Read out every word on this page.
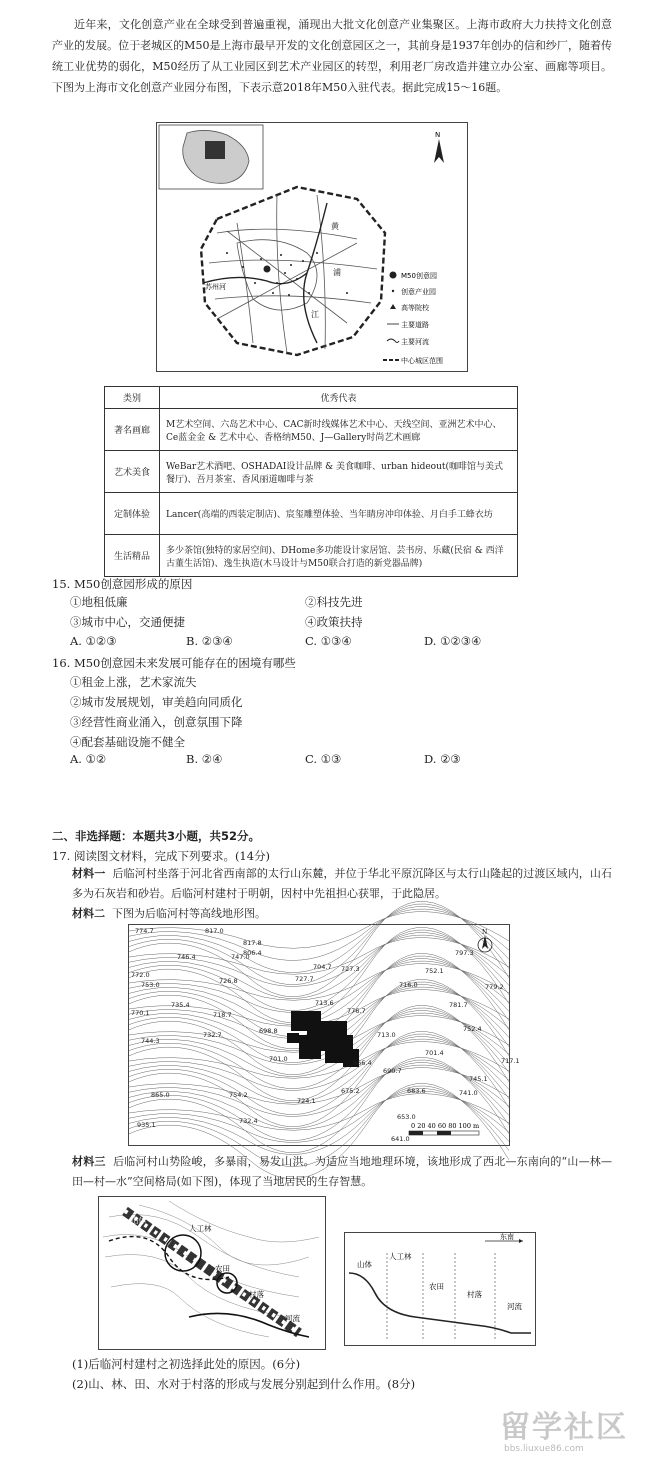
近年来，文化创意产业在全球受到普遍重视，涌现出大批文化创意产业集聚区。上海市政府大力扶持文化创意产业的发展。位于老城区的M50是上海市最早开发的文化创意园区之一，其前身是1937年创办的信和纱厂，随着传统工业优势的弱化，M50经历了从工业园区到艺术产业园区的转型，利用老厂房改造并建立办公室、画廊等项目。下图为上海市文化创意产业园分布图，下表示意2018年M50入驻代表。据此完成15～16题。
N
黄
浦
江
苏州河
M50创意园
创意产业园
高等院校
主要道路
主要河流
中心城区范围
类别	优秀代表
著名画廊	M艺术空间、六岛艺术中心、CAC新时线媒体艺术中心、天线空间、亚洲艺术中心、Ce蓝金金 & 艺术中心、香格纳M50、J—Gallery时尚艺术画廊
艺术美食	WeBar艺术酒吧、OSHADAI设计品牌 & 美食咖啡、urban hideout(咖啡馆与美式餐厅)、吾月茶室、香风丽道咖啡与茶
定制体验	Lancer(高端的西装定制店)、宸玺雕塑体验、当年睛房冲印体验、月白手工蜂衣坊
生活精品	多少茶馆(独特的家居空间)、DHome多功能设计家居馆、芸书房、乐藏(民宿 & 西洋古董生活馆)、逸生执造(木马设计与M50联合打造的新党器品牌)
15. M50创意园形成的原因
①地租低廉	②科技先进
③城市中心，交通便捷	④政策扶持
A. ①②③	B. ②③④	C. ①③④	D. ①②③④
16. M50创意园未来发展可能存在的困境有哪些
①租金上涨，艺术家流失
②城市发展规划，审美趋向同质化
③经营性商业涌入，创意氛围下降
④配套基础设施不健全
A. ①②	B. ②④	C. ①③	D. ②③
二、非选择题：本题共3小题，共52分。
17. 阅读图文材料，完成下列要求。(14分)
材料一 后临河村坐落于河北省西南部的太行山东麓，并位于华北平原沉降区与太行山隆起的过渡区域内，山石多为石灰岩和砂岩。后临河村建村于明朝，因村中先祖担心获罪，于此隐居。
材料二 下图为后临河村等高线地形图。
774.7	817.0
817.8
806.4	797.3
772.0
746.4	747.0
752.1
779.2
753.0	726.8	727.7
704.7 727.3
716.0
781.7
770.1
735.4
718.7
713.6
776.7
752.4
744.3
732.7	698.8	713.0
701.4
717.1
701.0	666.4
690.7
745.1
754.2
724.1
675.2	683.6	741.0
865.0
653.0
732.4
935.1
641.0
N
0 20 40 60 80 100 m
材料三 后临河村山势险峻，多暴雨，易发山洪。为适应当地地理环境，该地形成了西北—东南向的“山—林—田—村—水”空间格局(如下图)，体现了当地居民的生存智慧。
山体
人工林
农田
村落
河流
东南
山体
人工林
农田
村落
河流
(1)后临河村建村之初选择此处的原因。(6分)
(2)山、林、田、水对于村落的形成与发展分别起到什么作用。(8分)
留学社区
bbs.liuxue86.com
